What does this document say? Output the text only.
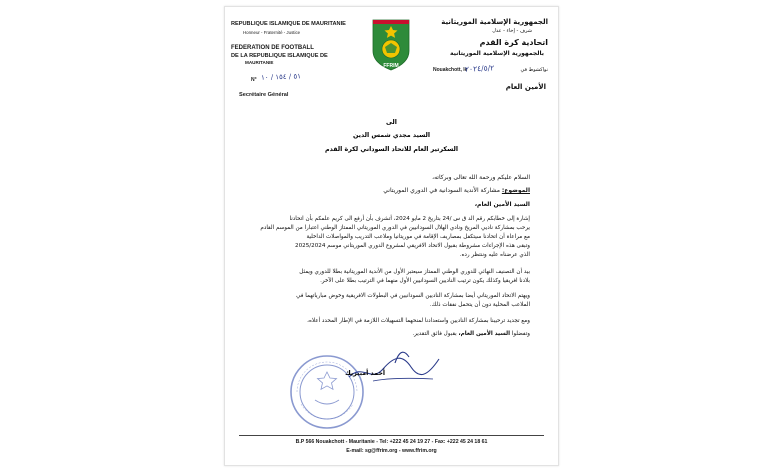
REPUBLIQUE ISLAMIQUE DE MAURITANIE
Honneur - Fraternité - Justice
FEDERATION DE FOOTBALL
DE LA REPUBLIQUE ISLAMIQUE DE
MAURITANIE
N° ٥١ / ١٥٤ / ١٠
Secrétaire Général
FFRIM
الجمهورية الإسلامية الموريتانية
شرف - إخاء - عدل
اتحادية كرة القدم
بالجمهورية الإسلامية الموريتانية
Nouakchott, le
٢٠٢٤/٥/٢	نواكشوط في
الأمين العام
الى
السيد مجدي شمس الدين
السكرتير العام للاتحاد السوداني لكرة القدم
السلام عليكم ورحمة الله تعالى وبركاته،
الموضوع: مشاركة الأندية السودانية في الدوري الموريتاني
السيد الأمين العام،
إشارة إلى خطابكم رقم الد ق س /24 بتاريخ 2 مايو 2024، أتشرف بأن أرفع الى كريم علمكم بأن اتحادنا
يرحب بمشاركة ناديي المريخ ونادي الهلال السودانيين في الدوري الموريتاني الممتاز الوطني اعتبارا من الموسم القادم
مع مراعاة أن اتحادنا سيتكفل بمصاريف الإقامة في موريتانيا وملاعب التدريب والمواصلات الداخلية
وتبقى هذه الإجراءات مشروطة بقبول الاتحاد الافريقي لمشروع الدوري الموريتاني موسم 2025/2024
الذي عرضناه عليه وننتظر رده.
بيد أن التصنيف النهائي للدوري الوطني الممتاز سيعتبر الأول من الأندية الموريتانية بطلا للدوري ويمثل
بلادنا افريقيا وكذلك يكون ترتيب الناديين السودانيين الأول منهما في الترتيب بطلا على الآخر.
ويهتم الاتحاد الموريتاني أيضا بمشاركة الناديين السودانيين في البطولات الافريقية وخوض مبارياتهما في
الملاعب المحلية دون أن يتحمل نفقات ذلك.
ومع تجديد ترحيبنا بمشاركة الناديين واستعدادنا لمنحهما التسهيلات اللازمة في الإطار المحدد أعلاه،
وتفضلوا السيد الأمين العام، بقبول فائق التقدير.
أحمد أمبيريك
B.P 566 Nouakchott - Mauritanie - Tel: +222 45 24 19 27 - Fax: +222 45 24 18 61
E-mail: sg@ffrim.org - www.ffrim.org
